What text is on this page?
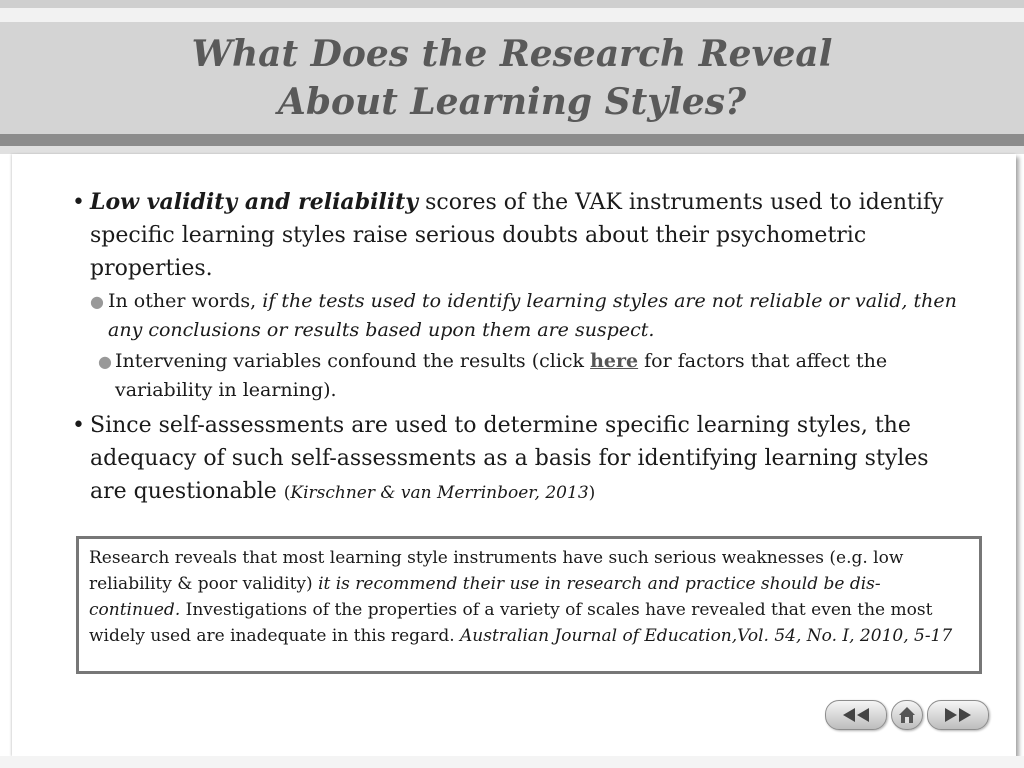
What Does the Research Reveal
About Learning Styles?
• Low validity and reliability scores of the VAK instruments used to identify specific learning styles raise serious doubts about their psychometric properties.
● In other words, if the tests used to identify learning styles are not reliable or valid, then any conclusions or results based upon them are suspect.
● Intervening variables confound the results (click here for factors that affect the variability in learning).
• Since self-assessments are used to determine specific learning styles, the adequacy of such self-assessments as a basis for identifying learning styles are questionable (Kirschner & van Merrinboer, 2013)
Research reveals that most learning style instruments have such serious weaknesses (e.g. low reliability & poor validity) it is recommend their use in research and practice should be dis-continued. Investigations of the properties of a variety of scales have revealed that even the most widely used are inadequate in this regard. Australian Journal of Education,Vol. 54, No. I, 2010, 5-17
